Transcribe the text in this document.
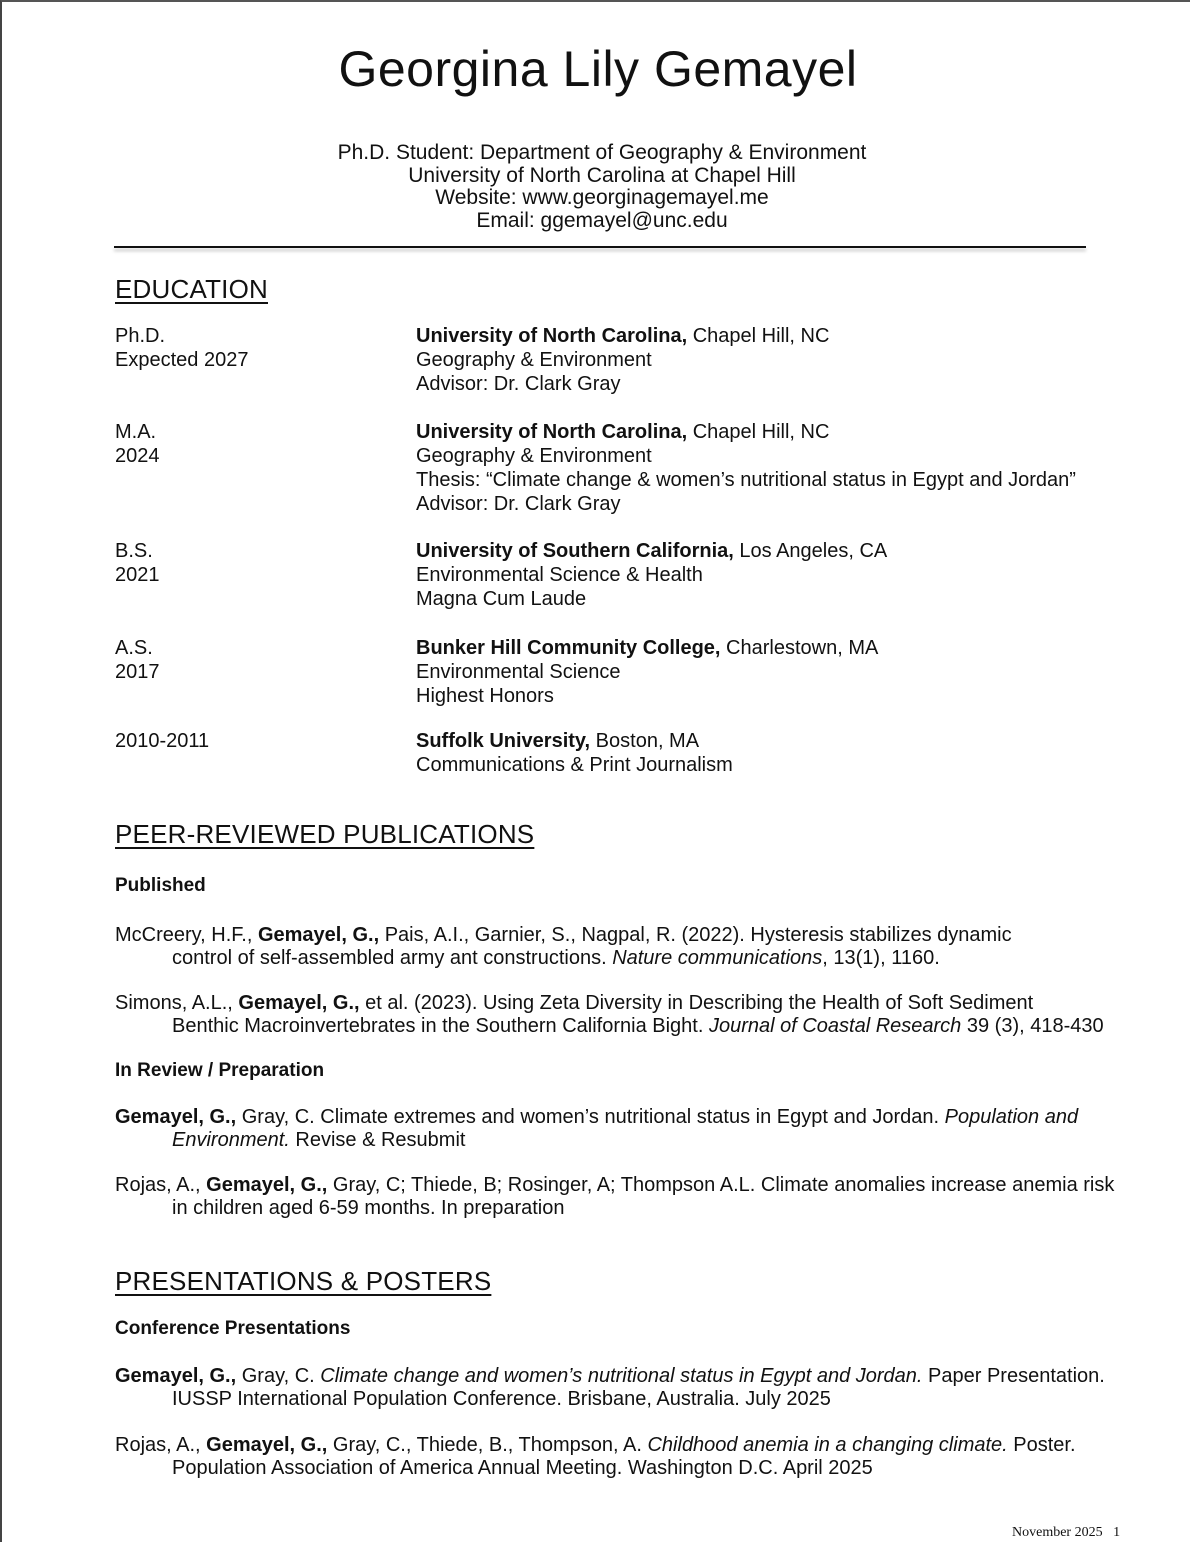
Georgina Lily Gemayel
Ph.D. Student: Department of Geography & Environment
University of North Carolina at Chapel Hill
Website: www.georginagemayel.me
Email: ggemayel@unc.edu
EDUCATION
Ph.D.
Expected 2027
University of North Carolina, Chapel Hill, NC
Geography & Environment
Advisor: Dr. Clark Gray
M.A.
2024
University of North Carolina, Chapel Hill, NC
Geography & Environment
Thesis: “Climate change & women’s nutritional status in Egypt and Jordan”
Advisor: Dr. Clark Gray
B.S.
2021
University of Southern California, Los Angeles, CA
Environmental Science & Health
Magna Cum Laude
A.S.
2017
Bunker Hill Community College, Charlestown, MA
Environmental Science
Highest Honors
2010-2011	Suffolk University, Boston, MA
Communications & Print Journalism
PEER-REVIEWED PUBLICATIONS
Published
McCreery, H.F., Gemayel, G., Pais, A.I., Garnier, S., Nagpal, R. (2022). Hysteresis stabilizes dynamic
control of self-assembled army ant constructions. Nature communications, 13(1), 1160.
Simons, A.L., Gemayel, G., et al. (2023). Using Zeta Diversity in Describing the Health of Soft Sediment
Benthic Macroinvertebrates in the Southern California Bight. Journal of Coastal Research 39 (3), 418-430
In Review / Preparation
Gemayel, G., Gray, C. Climate extremes and women’s nutritional status in Egypt and Jordan. Population and
Environment. Revise & Resubmit
Rojas, A., Gemayel, G., Gray, C; Thiede, B; Rosinger, A; Thompson A.L. Climate anomalies increase anemia risk
in children aged 6-59 months. In preparation
PRESENTATIONS & POSTERS
Conference Presentations
Gemayel, G., Gray, C. Climate change and women’s nutritional status in Egypt and Jordan. Paper Presentation.
IUSSP International Population Conference. Brisbane, Australia. July 2025
Rojas, A., Gemayel, G., Gray, C., Thiede, B., Thompson, A. Childhood anemia in a changing climate. Poster.
Population Association of America Annual Meeting. Washington D.C. April 2025
November 2025 1
